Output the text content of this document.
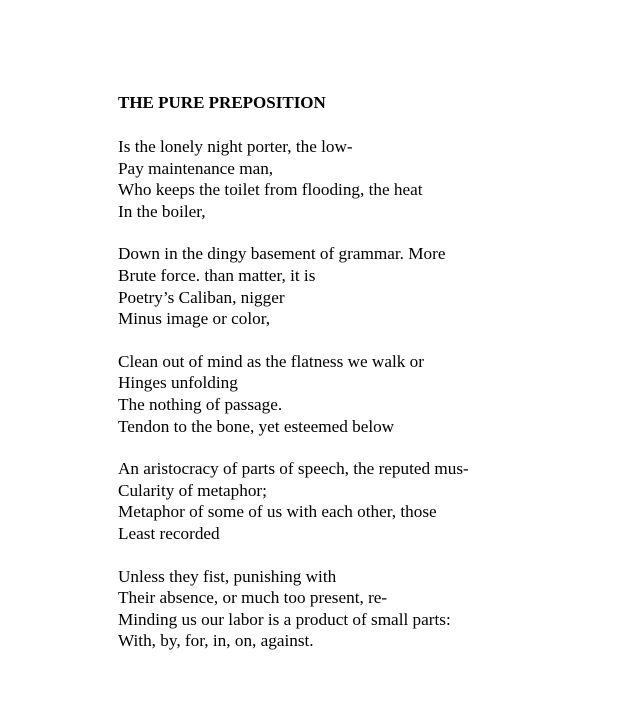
THE PURE PREPOSITION
Is the lonely night porter, the low-
Pay maintenance man,
Who keeps the toilet from flooding, the heat
In the boiler,
Down in the dingy basement of grammar. More
Brute force. than matter, it is
Poetry’s Caliban, nigger
Minus image or color,
Clean out of mind as the flatness we walk or
Hinges unfolding
The nothing of passage.
Tendon to the bone, yet esteemed below
An aristocracy of parts of speech, the reputed mus-
Cularity of metaphor;
Metaphor of some of us with each other, those
Least recorded
Unless they fist, punishing with
Their absence, or much too present, re-
Minding us our labor is a product of small parts:
With, by, for, in, on, against.
